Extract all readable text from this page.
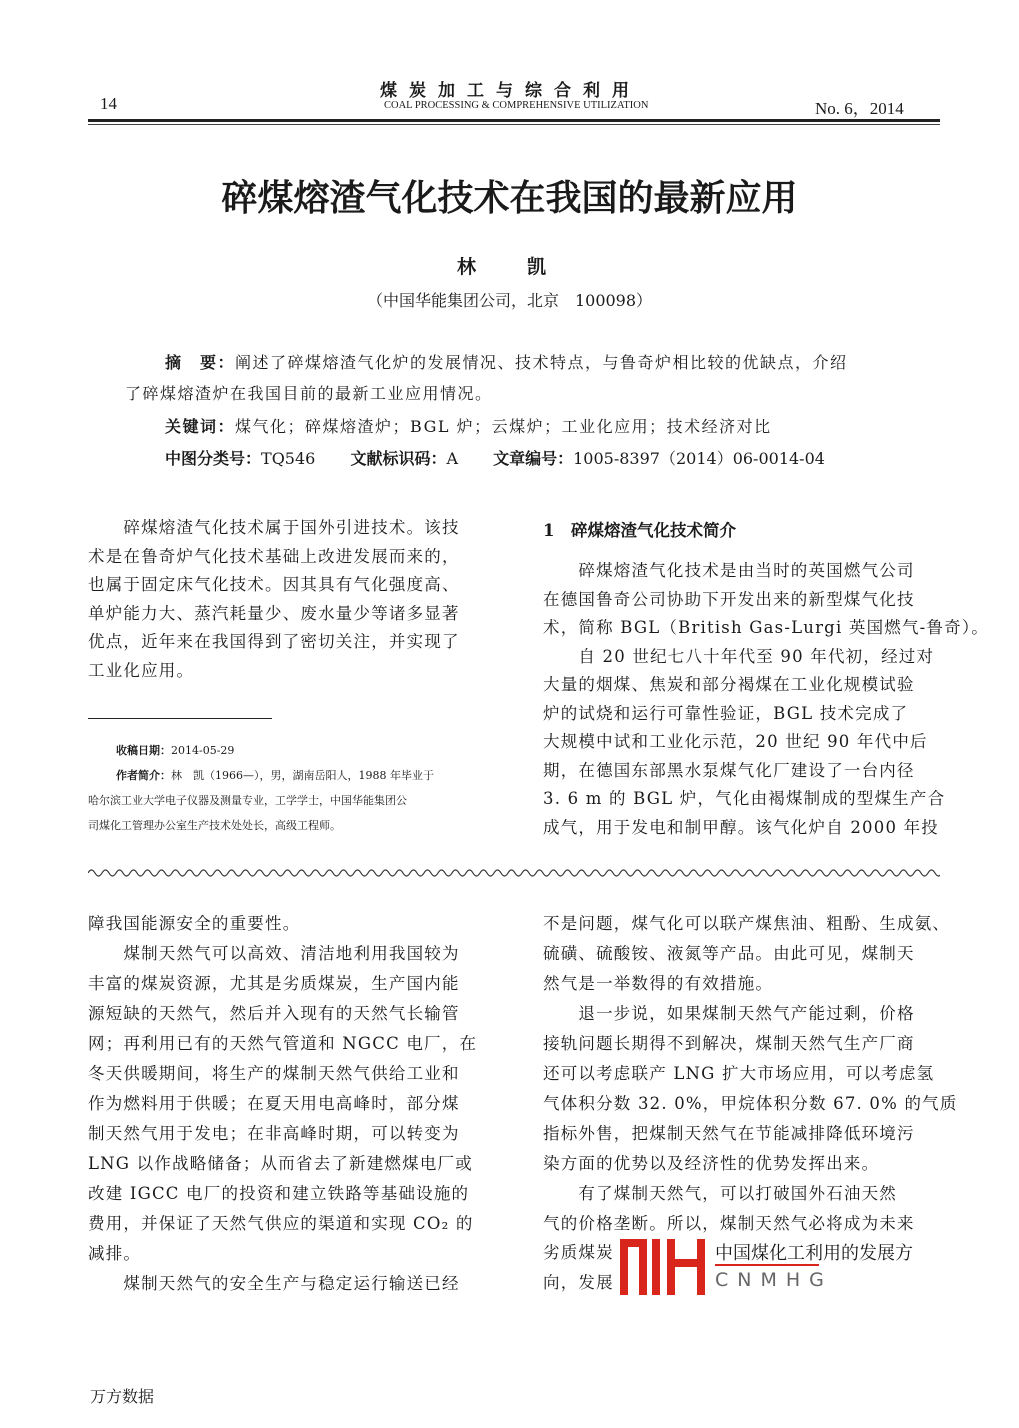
14
煤炭加工与综合利用
COAL PROCESSING & COMPREHENSIVE UTILIZATION	No. 6，2014
碎煤熔渣气化技术在我国的最新应用
林　凯
（中国华能集团公司，北京　100098）
摘　要：阐述了碎煤熔渣气化炉的发展情况、技术特点，与鲁奇炉相比较的优缺点，介绍
了碎煤熔渣炉在我国目前的最新工业应用情况。
关键词：煤气化；碎煤熔渣炉；BGL 炉；云煤炉；工业化应用；技术经济对比
中图分类号：TQ546 文献标识码：A 文章编号：1005-8397（2014）06-0014-04
　　碎煤熔渣气化技术属于国外引进技术。该技
术是在鲁奇炉气化技术基础上改进发展而来的，
也属于固定床气化技术。因其具有气化强度高、
单炉能力大、蒸汽耗量少、废水量少等诸多显著
优点，近年来在我国得到了密切关注，并实现了
工业化应用。
收稿日期：2014-05-29
作者简介：林　凯（1966—），男，湖南岳阳人，1988 年毕业于
哈尔滨工业大学电子仪器及测量专业，工学学士，中国华能集团公
司煤化工管理办公室生产技术处处长，高级工程师。
1　碎煤熔渣气化技术简介
　　碎煤熔渣气化技术是由当时的英国燃气公司
在德国鲁奇公司协助下开发出来的新型煤气化技
术，简称 BGL（British Gas-Lurgi 英国燃气-鲁奇）。
　　自 20 世纪七八十年代至 90 年代初，经过对
大量的烟煤、焦炭和部分褐煤在工业化规模试验
炉的试烧和运行可靠性验证，BGL 技术完成了
大规模中试和工业化示范，20 世纪 90 年代中后
期，在德国东部黑水泵煤气化厂建设了一台内径
3. 6 m 的 BGL 炉，气化由褐煤制成的型煤生产合
成气，用于发电和制甲醇。该气化炉自 2000 年投
障我国能源安全的重要性。
　　煤制天然气可以高效、清洁地利用我国较为
丰富的煤炭资源，尤其是劣质煤炭，生产国内能
源短缺的天然气，然后并入现有的天然气长输管
网；再利用已有的天然气管道和 NGCC 电厂，在
冬天供暖期间，将生产的煤制天然气供给工业和
作为燃料用于供暖；在夏天用电高峰时，部分煤
制天然气用于发电；在非高峰时期，可以转变为
LNG 以作战略储备；从而省去了新建燃煤电厂或
改建 IGCC 电厂的投资和建立铁路等基础设施的
费用，并保证了天然气供应的渠道和实现 CO₂ 的
减排。
　　煤制天然气的安全生产与稳定运行输送已经
不是问题，煤气化可以联产煤焦油、粗酚、生成氨、
硫磺、硫酸铵、液氮等产品。由此可见，煤制天
然气是一举数得的有效措施。
　　退一步说，如果煤制天然气产能过剩，价格
接轨问题长期得不到解决，煤制天然气生产厂商
还可以考虑联产 LNG 扩大市场应用，可以考虑氢
气体积分数 32. 0%，甲烷体积分数 67. 0% 的气质
指标外售，把煤制天然气在节能减排降低环境污
染方面的优势以及经济性的优势发挥出来。
　　有了煤制天然气，可以打破国外石油天然
气的价格垄断。所以，煤制天然气必将成为未来
劣质煤炭
向，发展
中国煤化工利用的发展方
CNMHG
万方数据
